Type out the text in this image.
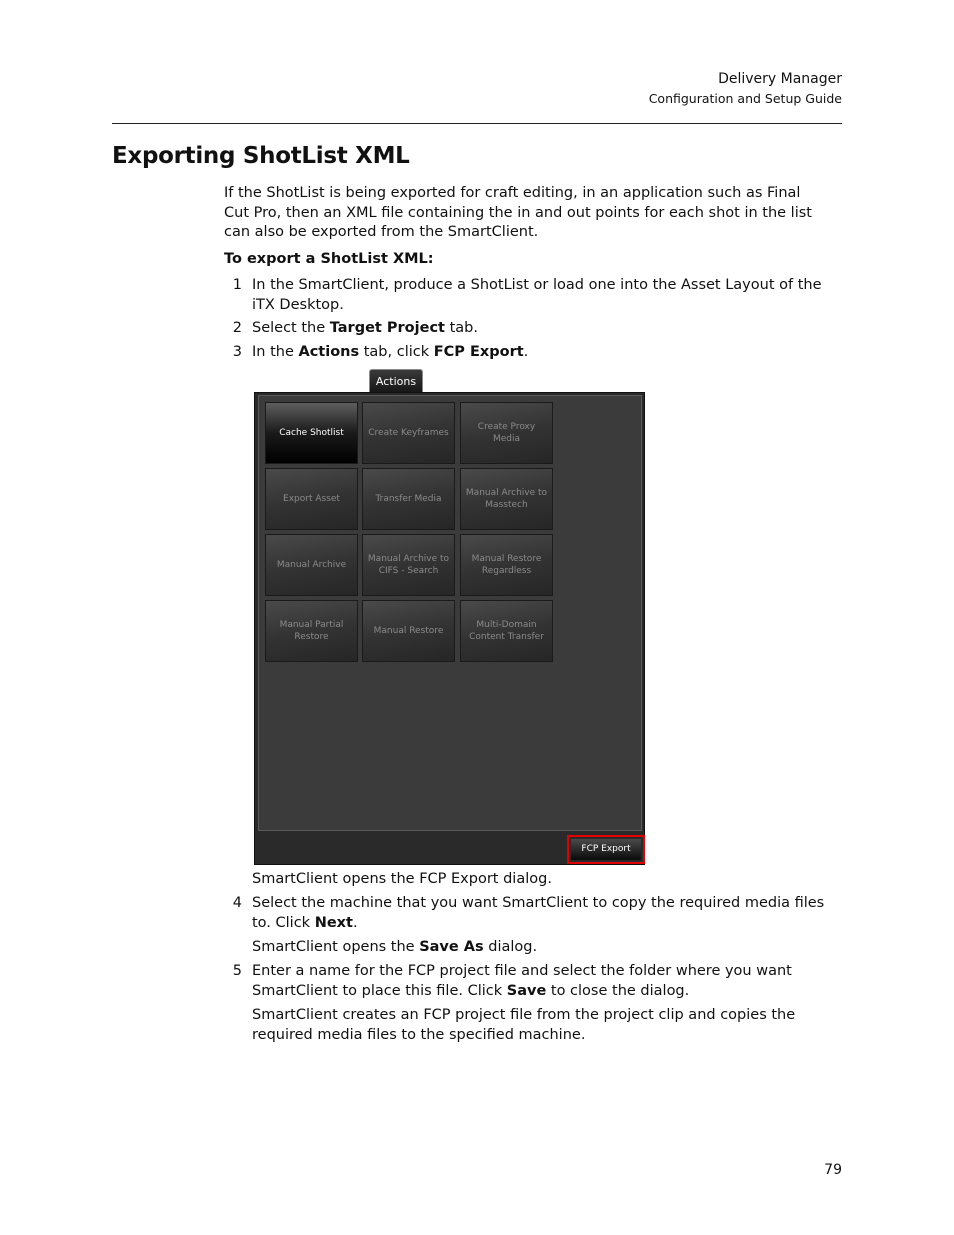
Delivery Manager
Configuration and Setup Guide
Exporting ShotList XML
If the ShotList is being exported for craft editing, in an application such as Final Cut Pro, then an XML file containing the in and out points for each shot in the list can also be exported from the SmartClient.
To export a ShotList XML:
1 In the SmartClient, produce a ShotList or load one into the Asset Layout of the iTX Desktop.
2 Select the Target Project tab.
3 In the Actions tab, click FCP Export.
Actions
Cache Shotlist	Create Keyframes
Create Proxy Media
Export Asset	Transfer Media
Manual Archive to Masstech
Manual Archive
Manual Archive to CIFS - Search
Manual Restore Regardless
Manual Partial Restore
Manual Restore
Multi-Domain Content Transfer
FCP Export
SmartClient opens the FCP Export dialog.
4 Select the machine that you want SmartClient to copy the required media files to. Click Next.
SmartClient opens the Save As dialog.
5 Enter a name for the FCP project file and select the folder where you want SmartClient to place this file. Click Save to close the dialog.
SmartClient creates an FCP project file from the project clip and copies the required media files to the specified machine.
79
